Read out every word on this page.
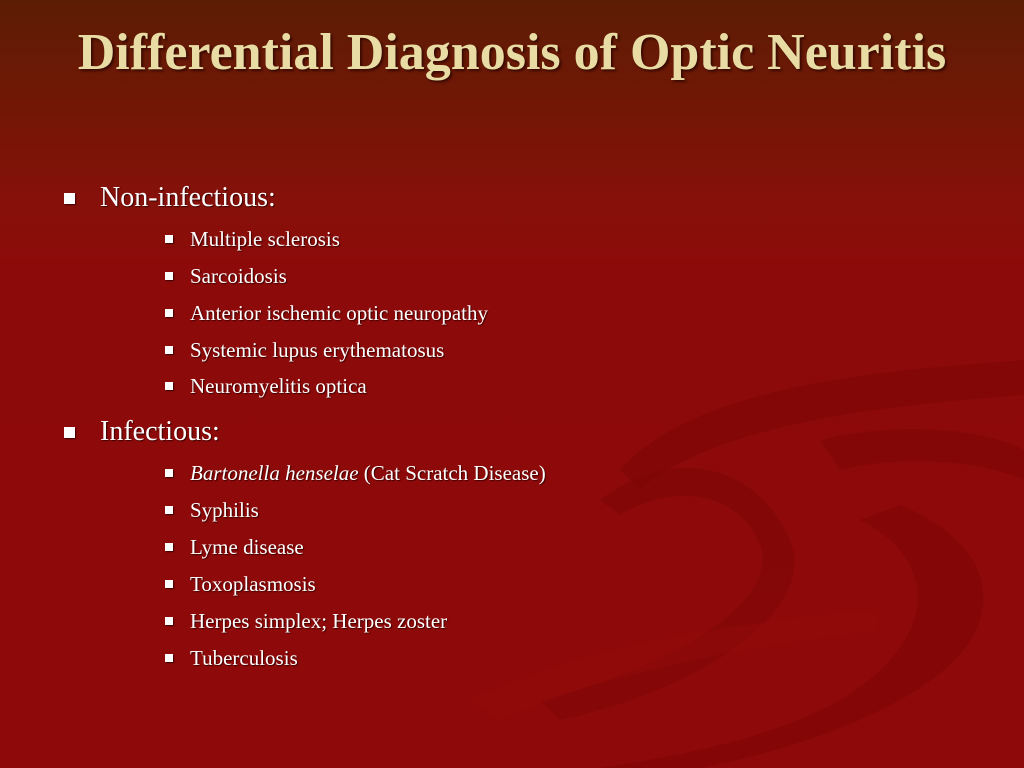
Differential Diagnosis of Optic Neuritis
Non-infectious:
Multiple sclerosis
Sarcoidosis
Anterior ischemic optic neuropathy
Systemic lupus erythematosus
Neuromyelitis optica
Infectious:
Bartonella henselae (Cat Scratch Disease)
Syphilis
Lyme disease
Toxoplasmosis
Herpes simplex; Herpes zoster
Tuberculosis
